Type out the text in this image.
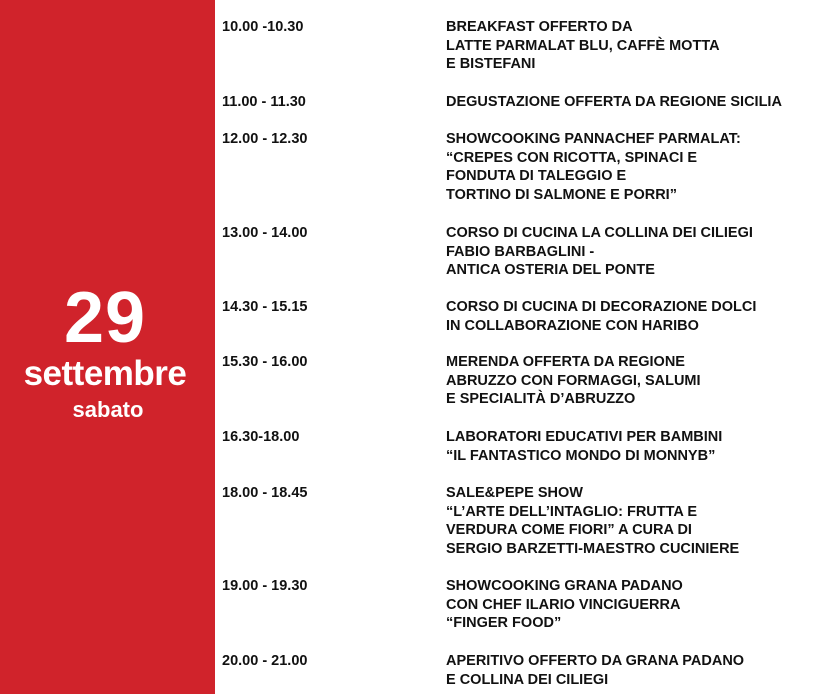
29
settembre
sabato
10.00 -10.30	BREAKFAST OFFERTO DA
LATTE PARMALAT BLU, CAFFÈ MOTTA
E BISTEFANI
11.00 - 11.30	DEGUSTAZIONE OFFERTA DA REGIONE SICILIA
12.00 - 12.30	SHOWCOOKING PANNACHEF PARMALAT:
“CREPES CON RICOTTA, SPINACI E
FONDUTA DI TALEGGIO E
TORTINO DI SALMONE E PORRI”
13.00 - 14.00	CORSO DI CUCINA LA COLLINA DEI CILIEGI
FABIO BARBAGLINI -
ANTICA OSTERIA DEL PONTE
14.30 - 15.15	CORSO DI CUCINA DI DECORAZIONE DOLCI
IN COLLABORAZIONE CON HARIBO
15.30 - 16.00	MERENDA OFFERTA DA REGIONE
ABRUZZO CON FORMAGGI, SALUMI
E SPECIALITÀ D’ABRUZZO
16.30-18.00	LABORATORI EDUCATIVI PER BAMBINI
“IL FANTASTICO MONDO DI MONNYB”
18.00 - 18.45	SALE&PEPE SHOW
“L’ARTE DELL’INTAGLIO: FRUTTA E
VERDURA COME FIORI” A CURA DI
SERGIO BARZETTI-MAESTRO CUCINIERE
19.00 - 19.30	SHOWCOOKING GRANA PADANO
CON CHEF ILARIO VINCIGUERRA
“FINGER FOOD”
20.00 - 21.00	APERITIVO OFFERTO DA GRANA PADANO
E COLLINA DEI CILIEGI
